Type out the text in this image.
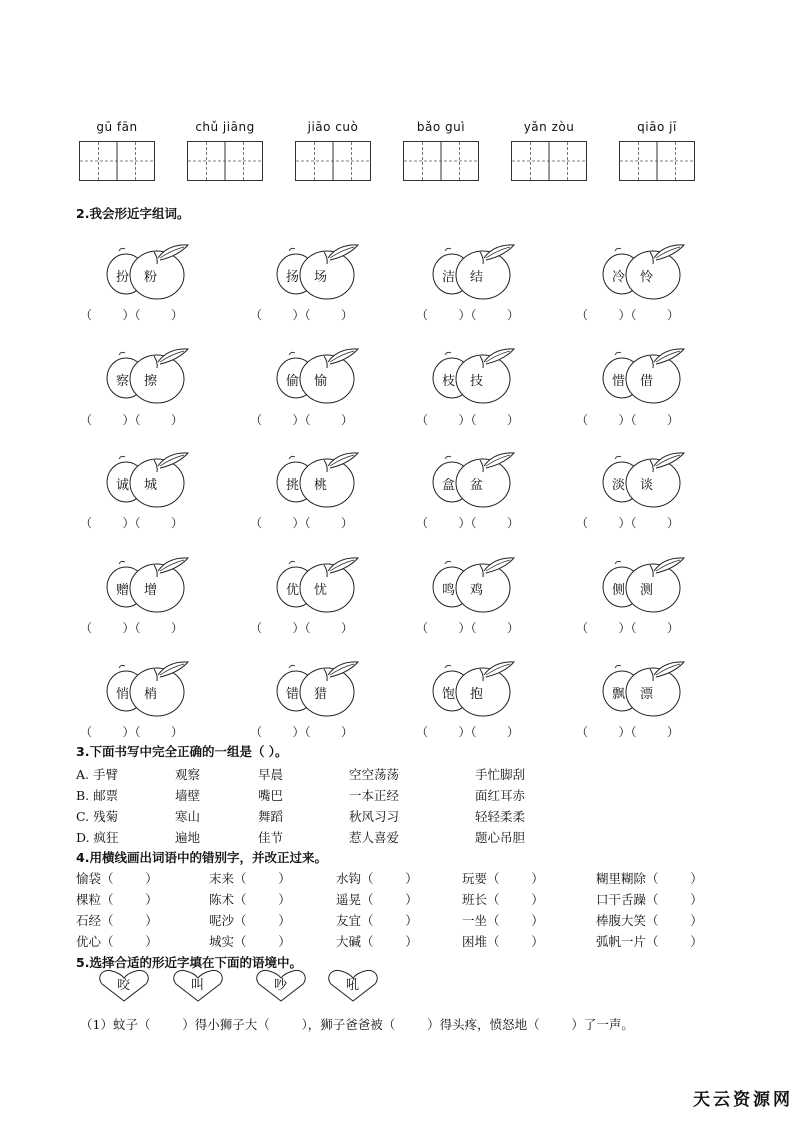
gū fān	chǔ jiāng	jiāo cuò	bǎo guì	yǎn zòu	qiāo jī
2.我会形近字组词。
扮 粉
（        ）（        ）
扬 场
（        ）（        ）
洁 结
（        ）（        ）
冷 怜
（        ）（        ）
察 擦
（        ）（        ）
偷 愉
（        ）（        ）
枝 技
（        ）（        ）
惜 借
（        ）（        ）
诚 城
（        ）（        ）
挑 桃
（        ）（        ）
盒 盆
（        ）（        ）
淡 谈
（        ）（        ）
赠 增
（        ）（        ）
优 忧
（        ）（        ）
鸣 鸡
（        ）（        ）
侧 测
（        ）（        ）
悄 梢
（        ）（        ）
错 猎
（        ）（        ）
饱 抱
（        ）（        ）
飘 漂
（        ）（        ）
3.下面书写中完全正确的一组是（ ）。
A. 手臂	观察	早晨	空空荡荡	手忙脚刮
B. 邮票	墙壁	嘴巴	一本正经	面红耳赤
C. 残菊	寒山	舞蹈	秋风习习	轻轻柔柔
D. 疯狂	遍地	佳节	惹人喜爱	题心吊胆
4.用横线画出词语中的错别字，并改正过来。
愉袋（        ）	末来（        ）	水钩（        ）	玩要（        ）	糊里糊除（        ）
棵粒（        ）	陈术（        ）	遥晃（        ）	班长（        ）	口干舌躁（        ）
石经（        ）	呢沙（        ）	友宜（        ）	一坐（        ）	棒腹大笑（        ）
优心（        ）	城实（        ）	大碱（        ）	困堆（        ）	弧帆一片（        ）
5.选择合适的形近字填在下面的语境中。
咬	叫	吵	吼
（1）蚊子（        ）得小狮子大（        ），狮子爸爸被（        ）得头疼，愤怒地（        ）了一声。
天云资源网
